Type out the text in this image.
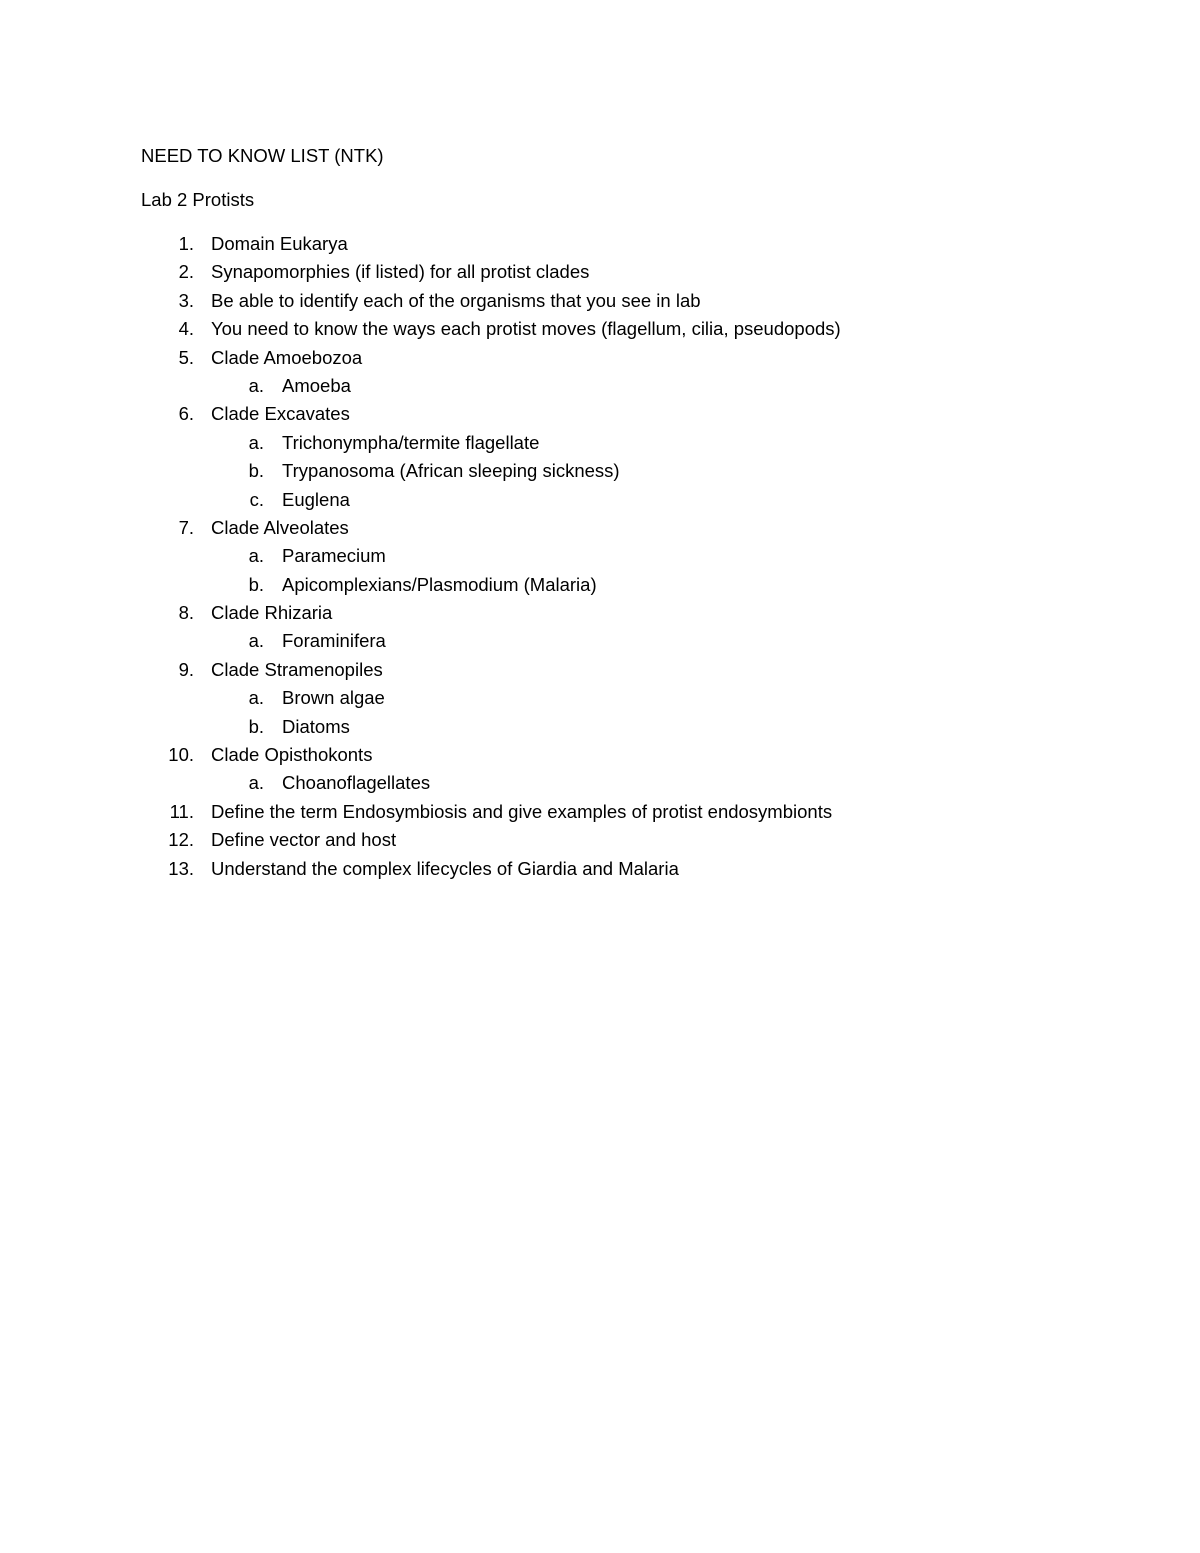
NEED TO KNOW LIST (NTK)
Lab 2 Protists
1. Domain Eukarya
2. Synapomorphies (if listed) for all protist clades
3. Be able to identify each of the organisms that you see in lab
4. You need to know the ways each protist moves (flagellum, cilia, pseudopods)
5. Clade Amoebozoa
a. Amoeba
6. Clade Excavates
a. Trichonympha/termite flagellate
b. Trypanosoma (African sleeping sickness)
c. Euglena
7. Clade Alveolates
a. Paramecium
b. Apicomplexians/Plasmodium (Malaria)
8. Clade Rhizaria
a. Foraminifera
9. Clade Stramenopiles
a. Brown algae
b. Diatoms
10. Clade Opisthokonts
a. Choanoflagellates
11. Define the term Endosymbiosis and give examples of protist endosymbionts
12. Define vector and host
13. Understand the complex lifecycles of Giardia and Malaria
